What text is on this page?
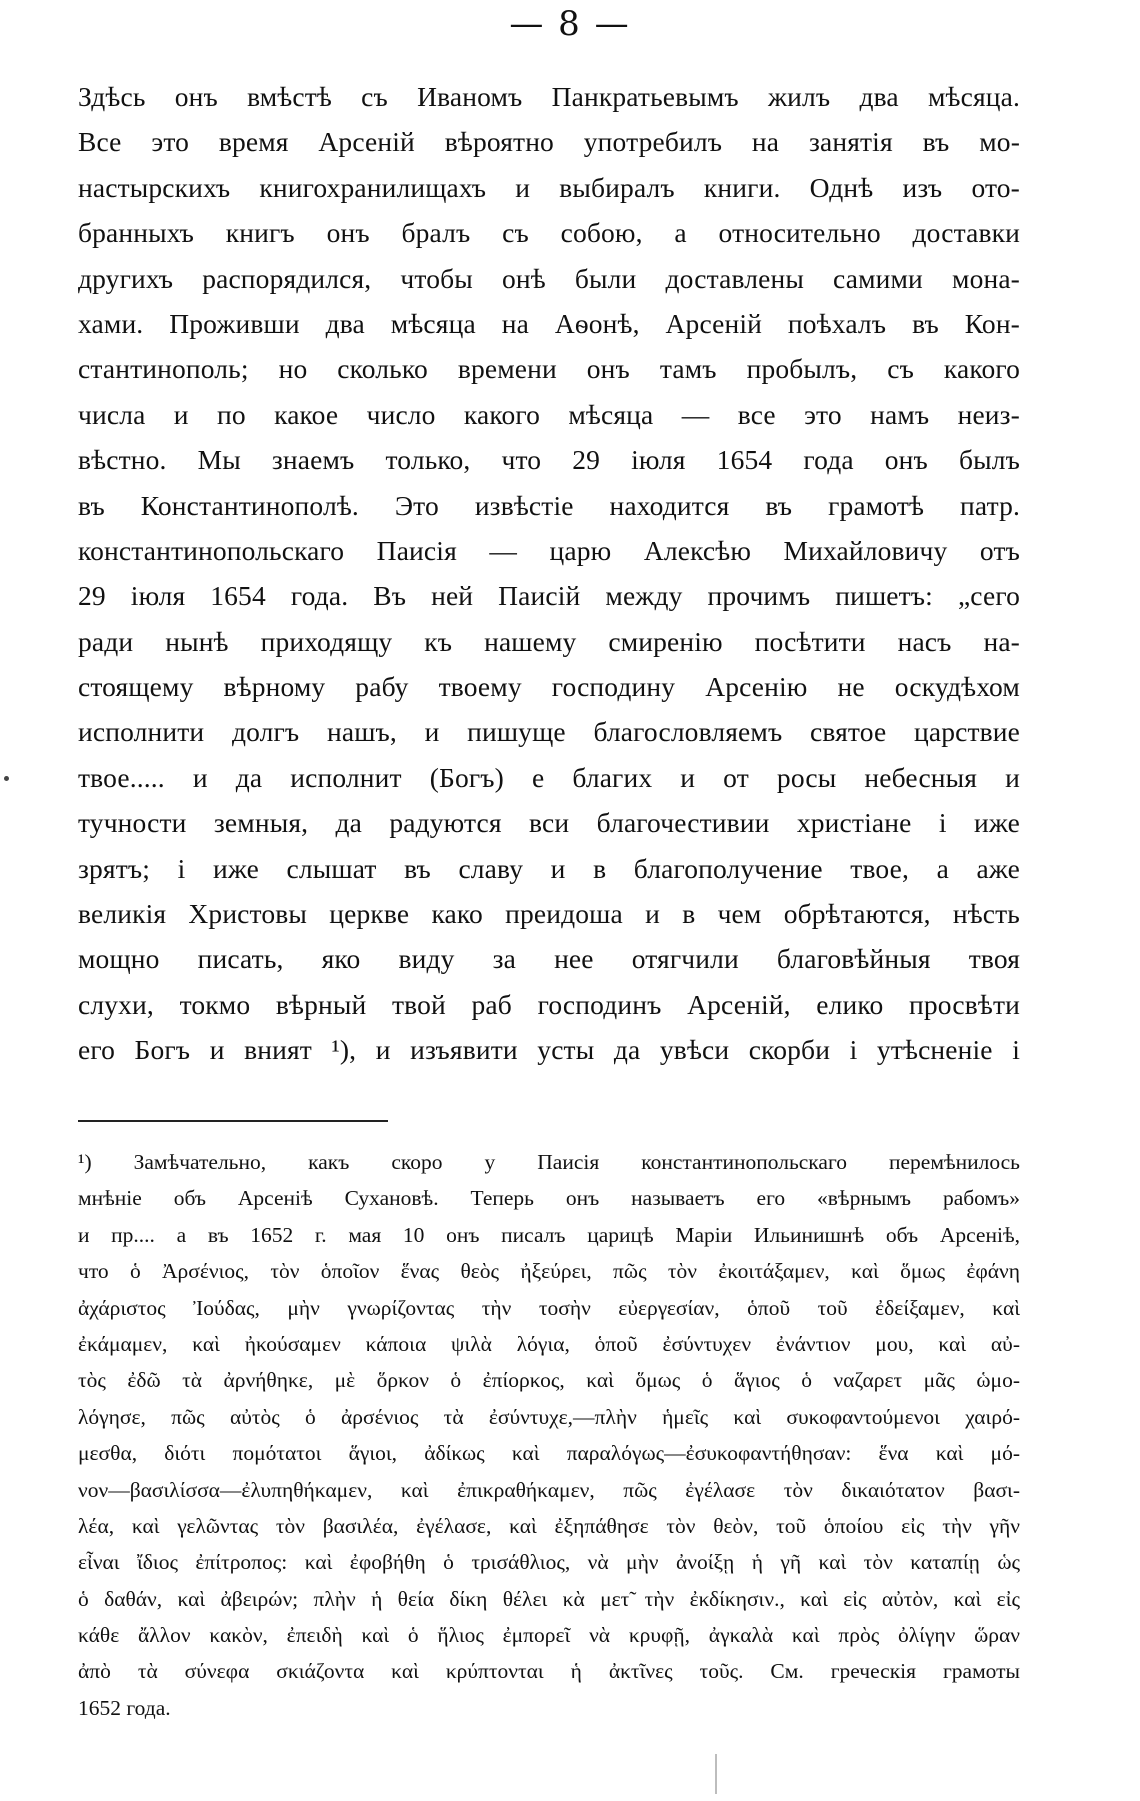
— 8 —
Здѣсь онъ вмѣстѣ съ Иваномъ Панкратьевымъ жилъ два мѣсяца.
Все это время Арсеній вѣроятно употребилъ на занятія въ мо-
настырскихъ книгохранилищахъ и выбиралъ книги. Однѣ изъ ото-
бранныхъ книгъ онъ бралъ съ собою, а относительно доставки
другихъ распорядился, чтобы онѣ были доставлены самими мона-
хами. Проживши два мѣсяца на Аѳонѣ, Арсеній поѣхалъ въ Кон-
стантинополь; но сколько времени онъ тамъ пробылъ, съ какого
числа и по какое число какого мѣсяца — все это намъ неиз-
вѣстно. Мы знаемъ только, что 29 іюля 1654 года онъ былъ
въ Константинополѣ. Это извѣстіе находится въ грамотѣ патр.
константинопольскаго Паисія — царю Алексѣю Михайловичу отъ
29 іюля 1654 года. Въ ней Паисій между прочимъ пишетъ: „сего
ради нынѣ приходящу къ нашему смиренію посѣтити насъ на-
стоящему вѣрному рабу твоему господину Арсенію не оскудѣхом
исполнити долгъ нашъ, и пишуще благословляемъ святое царствие
твое..... и да исполнит (Богъ) е благих и от росы небесныя и
тучности земныя, да радуются вси благочестивии христіане і иже
зрятъ; і иже слышат въ славу и в благополучение твое, а аже
великія Христовы церкве како преидоша и в чем обрѣтаются, нѣсть
мощно писать, яко виду за нее отягчили благовѣйныя твоя
слухи, токмо вѣрный твой раб господинъ Арсеній, елико просвѣти
его Богъ и вният ¹), и изъявити усты да увѣси скорби і утѣсненіе і
¹) Замѣчательно, какъ скоро у Паисія константинопольскаго перемѣнилось
мнѣніе объ Арсеніѣ Сухановѣ. Теперь онъ называетъ его «вѣрнымъ рабомъ»
и пр.... а въ 1652 г. мая 10 онъ писалъ царицѣ Маріи Ильинишнѣ объ Арсеніѣ,
что ὁ Ἀρσένιος, τὸν ὁποῖον ἕνας θεὸς ἠξεύρει, πῶς τὸν ἐκοιτάξαμεν, καὶ ὅμως ἐφάνη
ἀχάριστος Ἰούδας, μὴν γνωρίζοντας τὴν τοσὴν εὐεργεσίαν, ὁποῦ τοῦ ἐδείξαμεν, καὶ
ἐκάμαμεν, καὶ ἠκούσαμεν κάποια ψιλὰ λόγια, ὁποῦ ἐσύντυχεν ἐνάντιον μου, καὶ αὐ-
τὸς ἐδῶ τὰ ἀρνήθηκε, μὲ ὅρκον ὁ ἐπίορκος, καὶ ὅμως ὁ ἅγιος ὁ ναζαρετ μᾶς ὡμο-
λόγησε, πῶς αὐτὸς ὁ ἀρσένιος τὰ ἐσύντυχε,—πλὴν ἡμεῖς καὶ συκοφαντούμενοι χαιρό-
μεσθα, διότι πομότατοι ἅγιοι, ἀδίκως καὶ παραλόγως—ἐσυκοφαντήθησαν: ἕνα καὶ μό-
νον—βασιλίσσα—ἐλυπηθήκαμεν, καὶ ἐπικραθήκαμεν, πῶς ἐγέλασε τὸν δικαιότατον βασι-
λέα, καὶ γελῶντας τὸν βασιλέα, ἐγέλασε, καὶ ἐξηπάθησε τὸν θεὸν, τοῦ ὁποίου εἰς τὴν γῆν
εἶναι ἴδιος ἐπίτροπος: καὶ ἐφοβήθη ὁ τρισάθλιος, νὰ μὴν ἀνοίξῃ ἡ γῆ καὶ τὸν καταπίῃ ὡς
ὁ δαθάν, καὶ ἀβειρών; πλὴν ἡ θεία δίκη θέλει κὰ μετ̃ τὴν ἐκδίκησιν., καὶ εἰς αὐτὸν, καὶ εἰς
κάθε ἄλλον κακὸν, ἐπειδὴ καὶ ὁ ἥλιος ἐμπορεῖ νὰ κρυφῇ, ἀγκαλὰ καὶ πρὸς ὀλίγην ὥραν
ἀπὸ τὰ σύνεφα σκιάζοντα καὶ κρύπτονται ἡ ἀκτῖνες τοῦς. См. греческія грамоты
1652 года.
